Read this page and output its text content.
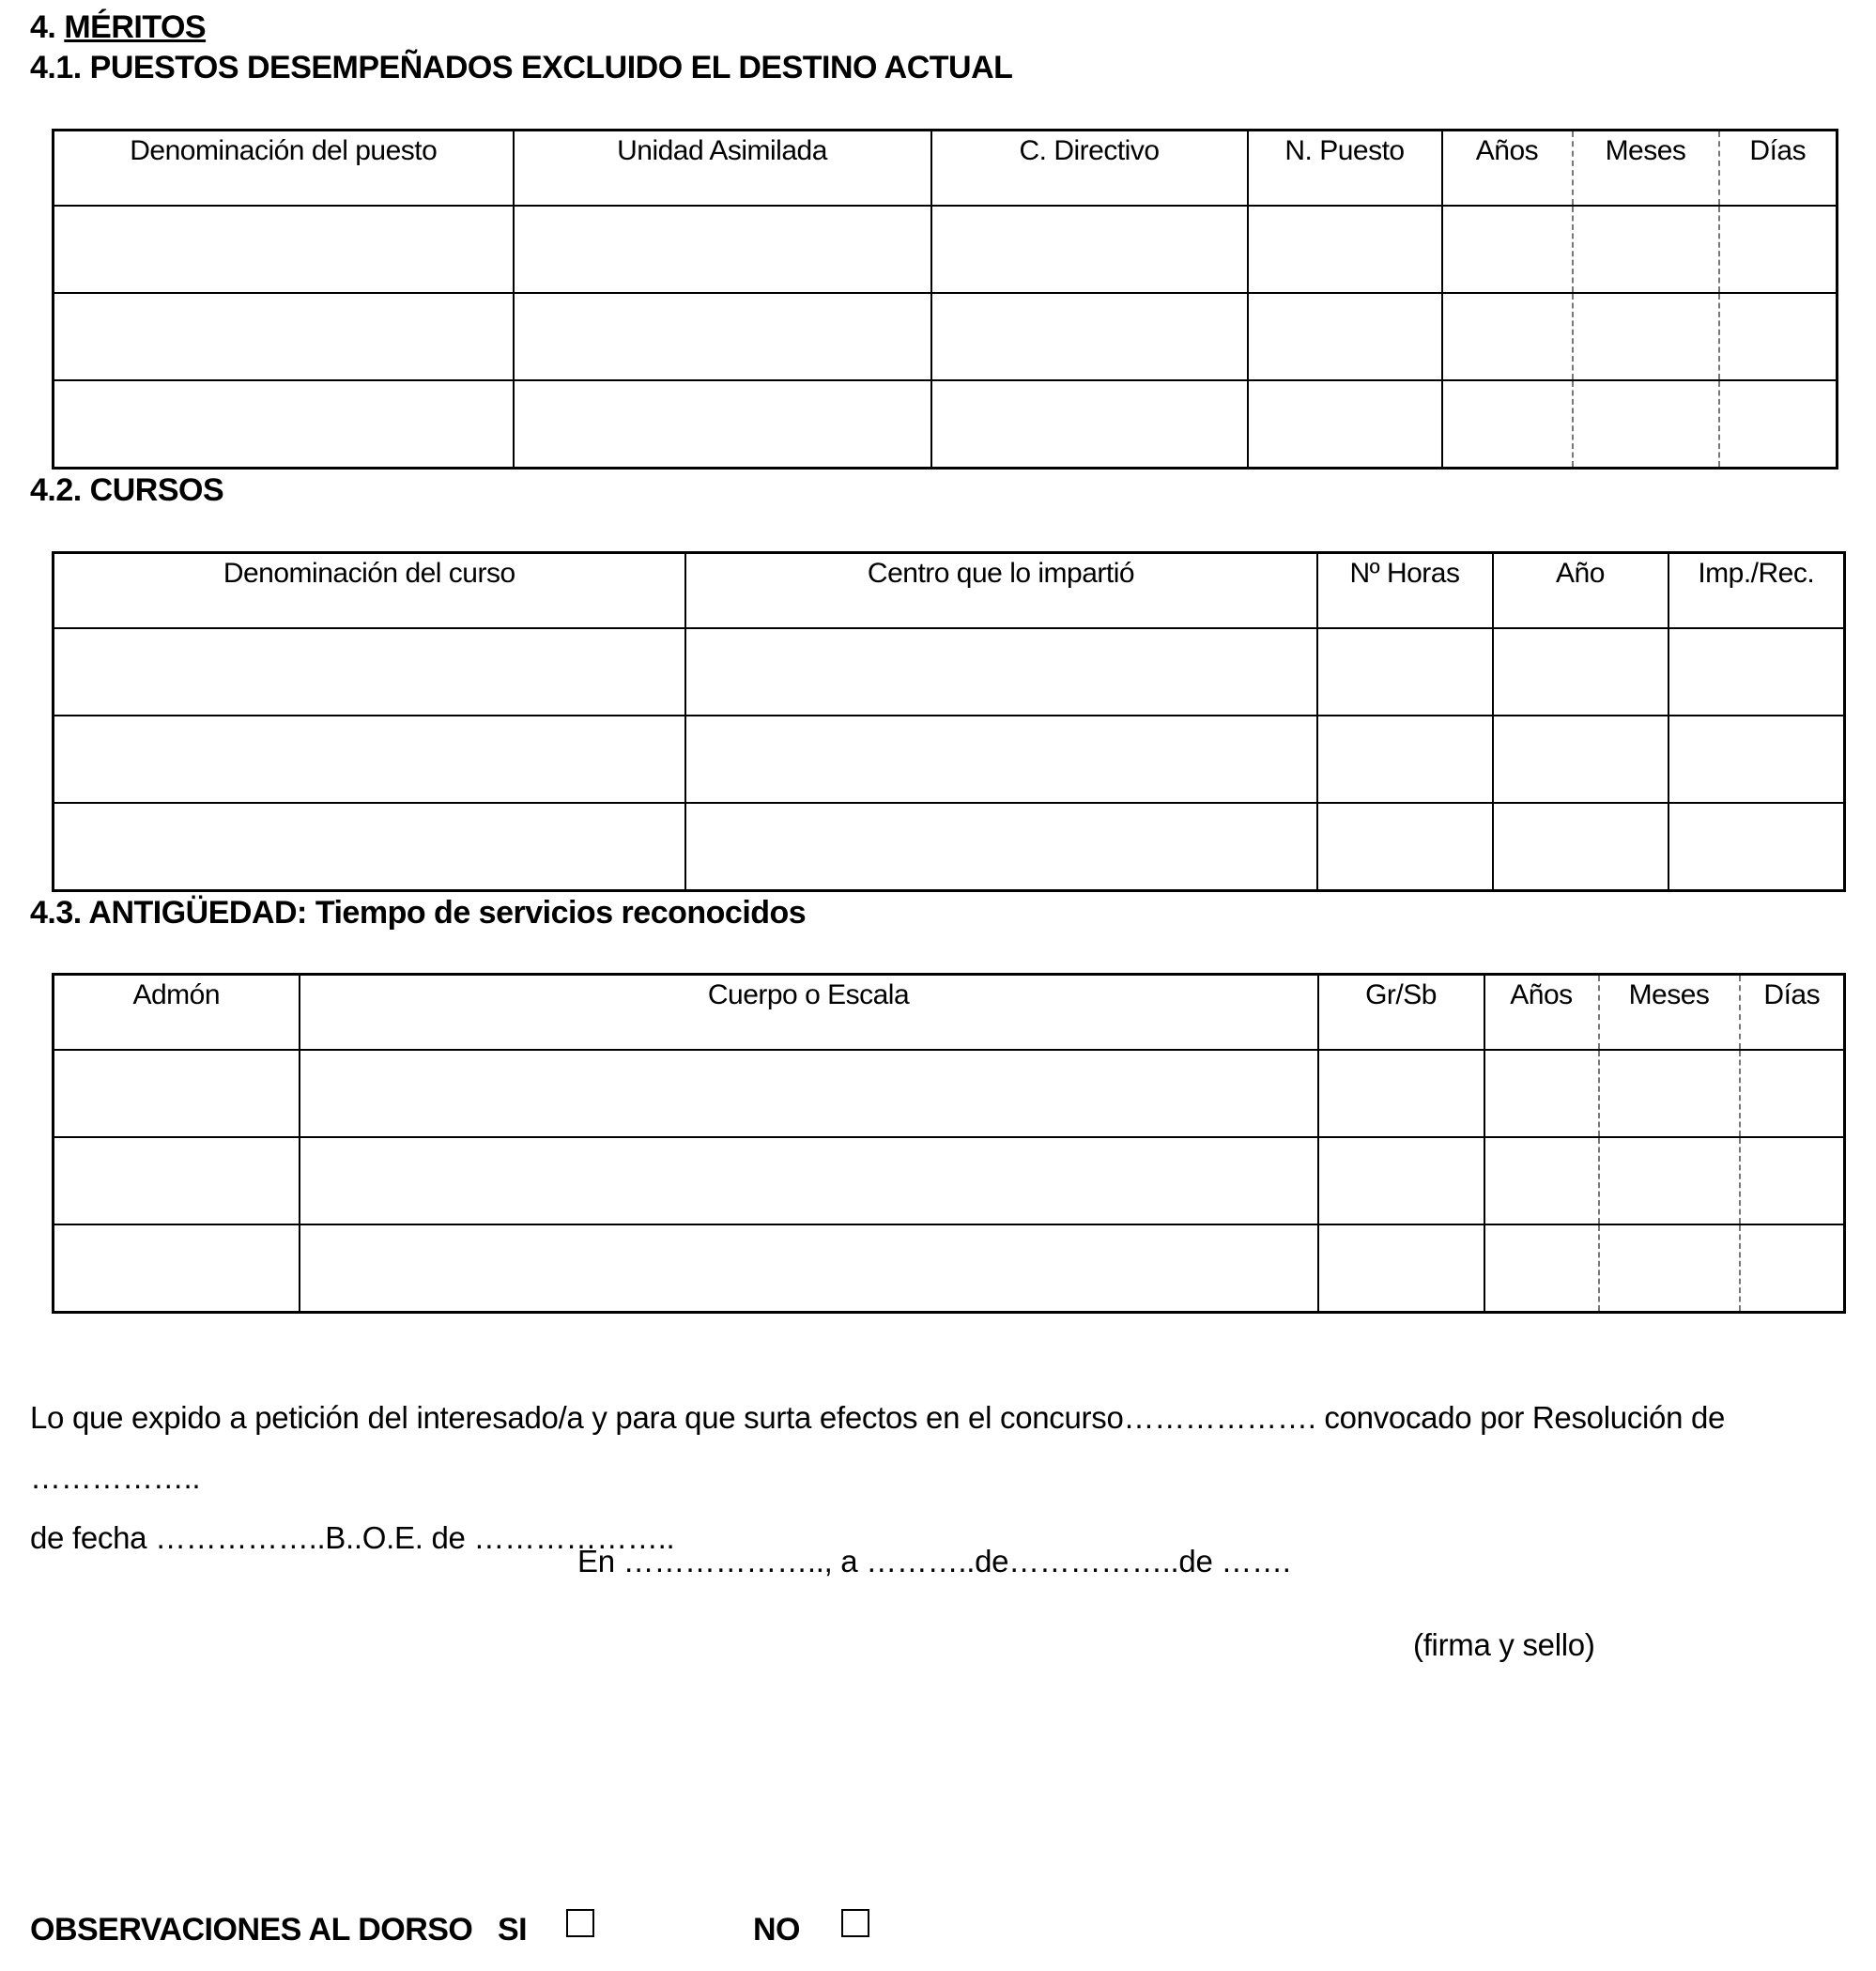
4. MÉRITOS
4.1. PUESTOS DESEMPEÑADOS EXCLUIDO EL DESTINO ACTUAL
Denominación del puesto	Unidad Asimilada	C. Directivo	N. Puesto	Años	Meses	Días

4.2. CURSOS
Denominación del curso	Centro que lo impartió	Nº Horas	Año	Imp./Rec.

4.3. ANTIGÜEDAD: Tiempo de servicios reconocidos
Admón	Cuerpo o Escala	Gr/Sb	Años	Meses	Días

Lo que expido a petición del interesado/a y para que surta efectos en el concurso………………. convocado por Resolución de ……………..
de fecha ……………..B..O.E. de ………………..

En ……………….., a ………..de……………..de …….
(firma y sello)
OBSERVACIONES AL DORSO SI	NO
